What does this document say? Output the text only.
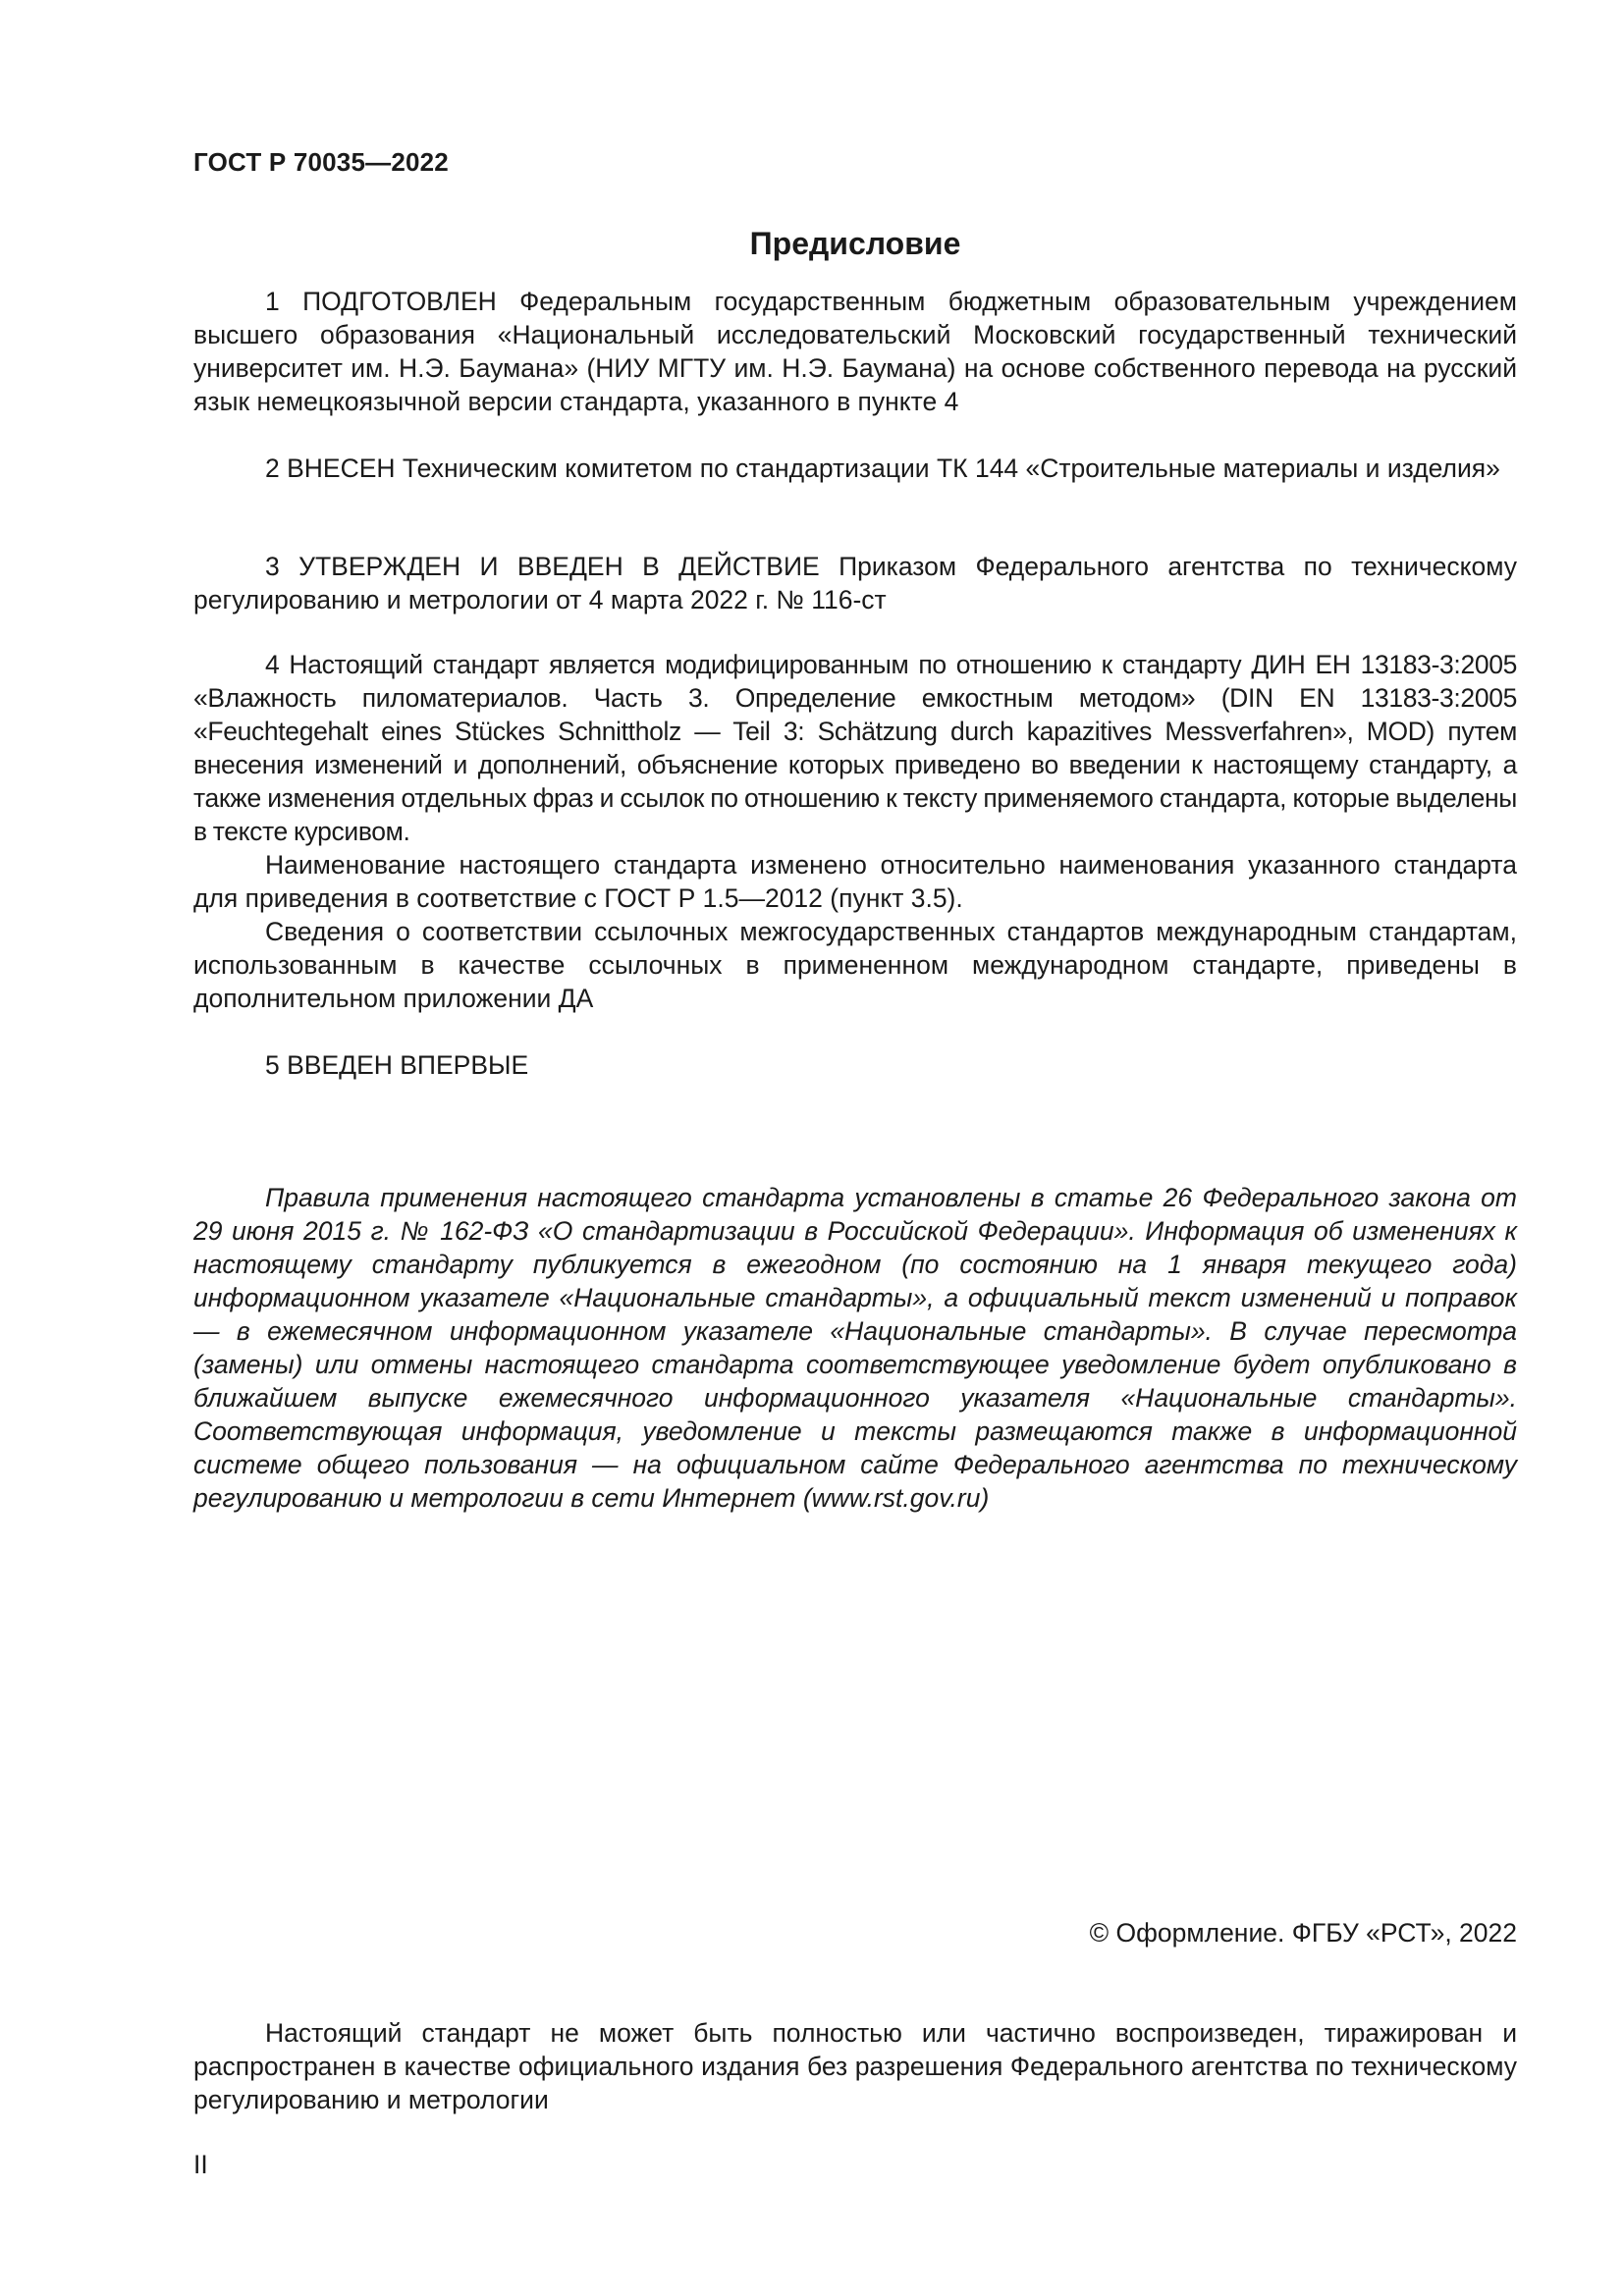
ГОСТ Р 70035—2022
Предисловие

1 ПОДГОТОВЛЕН Федеральным государственным бюджетным образовательным учреждением высшего образования «Национальный исследовательский Московский государственный технический университет им. Н.Э. Баумана» (НИУ МГТУ им. Н.Э. Баумана) на основе собственного перевода на русский язык немецкоязычной версии стандарта, указанного в пункте 4

2 ВНЕСЕН Техническим комитетом по стандартизации ТК 144 «Строительные материалы и изделия»

3 УТВЕРЖДЕН И ВВЕДЕН В ДЕЙСТВИЕ Приказом Федерального агентства по техническому регулированию и метрологии от 4 марта 2022 г. № 116-ст

4 Настоящий стандарт является модифицированным по отношению к стандарту ДИН ЕН 13183-3:2005 «Влажность пиломатериалов. Часть 3. Определение емкостным методом» (DIN EN 13183-3:2005 «Feuchtegehalt eines Stückes Schnittholz — Teil 3: Schätzung durch kapazitives Messverfahren», MOD) путем внесения изменений и дополнений, объяснение которых приведено во введении к настоящему стандарту, а также изменения отдельных фраз и ссылок по отношению к тексту применяемого стандарта, которые выделены в тексте курсивом.

Наименование настоящего стандарта изменено относительно наименования указанного стандарта для приведения в соответствие с ГОСТ Р 1.5—2012 (пункт 3.5).

Сведения о соответствии ссылочных межгосударственных стандартов международным стандартам, использованным в качестве ссылочных в примененном международном стандарте, приведены в дополнительном приложении ДА

5 ВВЕДЕН ВПЕРВЫЕ

Правила применения настоящего стандарта установлены в статье 26 Федерального закона от 29 июня 2015 г. № 162-ФЗ «О стандартизации в Российской Федерации». Информация об изменениях к настоящему стандарту публикуется в ежегодном (по состоянию на 1 января текущего года) информационном указателе «Национальные стандарты», а официальный текст изменений и поправок — в ежемесячном информационном указателе «Национальные стандарты». В случае пересмотра (замены) или отмены настоящего стандарта соответствующее уведомление будет опубликовано в ближайшем выпуске ежемесячного информационного указателя «Национальные стандарты». Соответствующая информация, уведомление и тексты размещаются также в информационной системе общего пользования — на официальном сайте Федерального агентства по техническому регулированию и метрологии в сети Интернет (www.rst.gov.ru)

© Оформление. ФГБУ «РСТ», 2022

Настоящий стандарт не может быть полностью или частично воспроизведен, тиражирован и распространен в качестве официального издания без разрешения Федерального агентства по техническому регулированию и метрологии

II
